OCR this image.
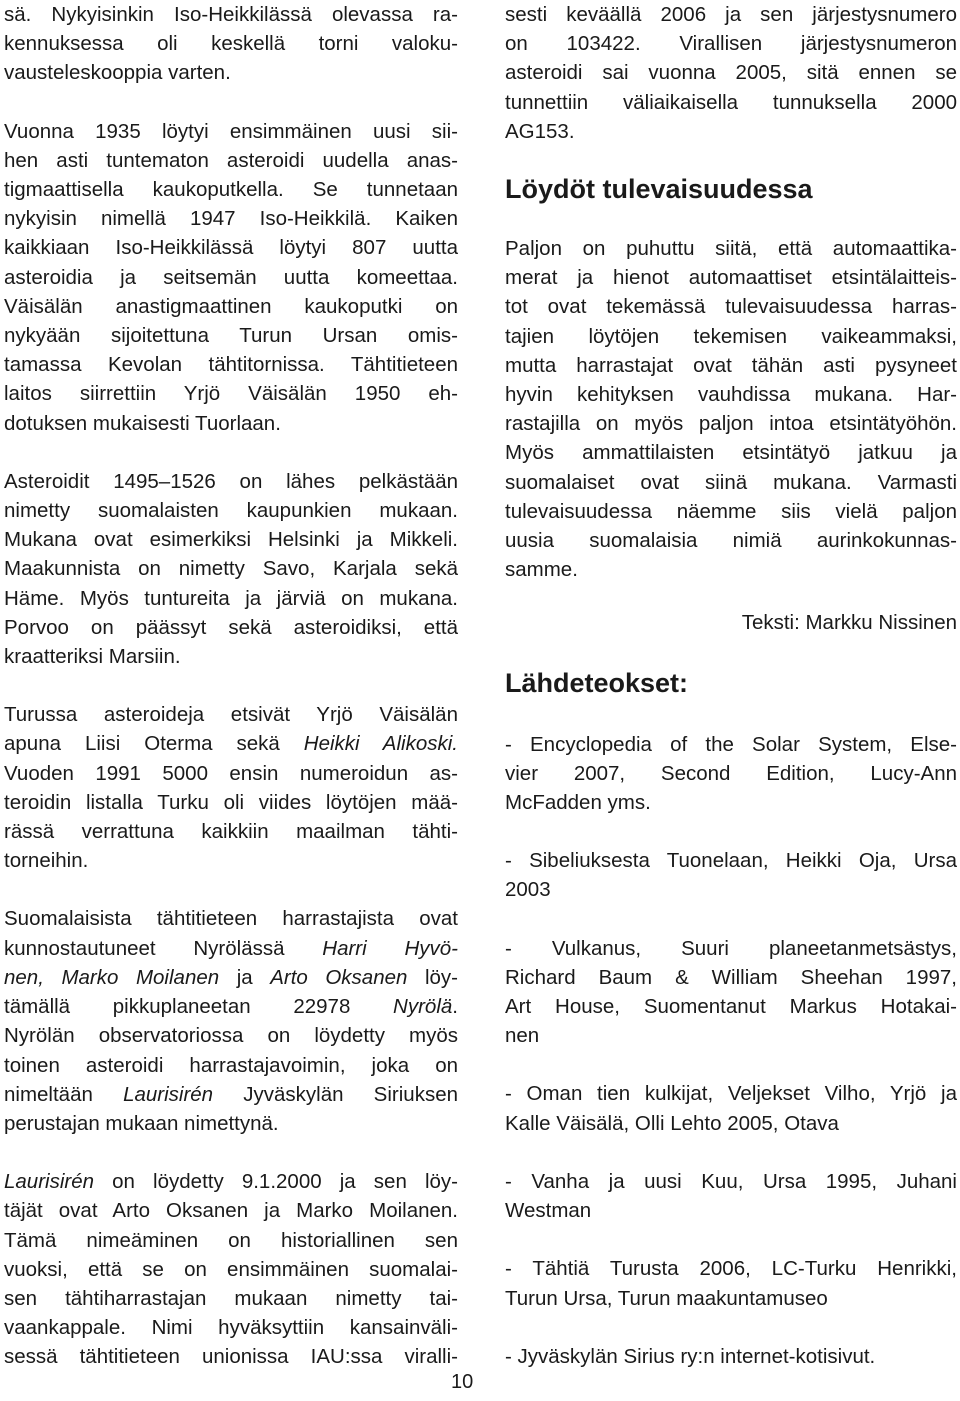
sä. Nykyisinkin Iso-Heikkilässä olevassa ra-
kennuksessa oli keskellä torni valoku-
vausteleskooppia varten.

Vuonna 1935 löytyi ensimmäinen uusi sii-
hen asti tuntematon asteroidi uudella anas-
tigmaattisella kaukoputkella. Se tunnetaan
nykyisin nimellä 1947 Iso-Heikkilä. Kaiken
kaikkiaan Iso-Heikkilässä löytyi 807 uutta
asteroidia ja seitsemän uutta komeettaa.
Väisälän anastigmaattinen kaukoputki on
nykyään sijoitettuna Turun Ursan omis-
tamassa Kevolan tähtitornissa. Tähtitieteen
laitos siirrettiin Yrjö Väisälän 1950 eh-
dotuksen mukaisesti Tuorlaan.

Asteroidit 1495–1526 on lähes pelkästään
nimetty suomalaisten kaupunkien mukaan.
Mukana ovat esimerkiksi Helsinki ja Mikkeli.
Maakunnista on nimetty Savo, Karjala sekä
Häme. Myös tuntureita ja järviä on mukana.
Porvoo on päässyt sekä asteroidiksi, että
kraatteriksi Marsiin.

Turussa asteroideja etsivät Yrjö Väisälän
apuna Liisi Oterma sekä Heikki Alikoski.
Vuoden 1991 5000 ensin numeroidun as-
teroidin listalla Turku oli viides löytöjen mää-
rässä verrattuna kaikkiin maailman tähti-
torneihin.

Suomalaisista tähtitieteen harrastajista ovat
kunnostautuneet Nyrölässä Harri Hyvö-
nen, Marko Moilanen ja Arto Oksanen löy-
tämällä pikkuplaneetan 22978 Nyrölä.
Nyrölän observatoriossa on löydetty myös
toinen asteroidi harrastajavoimin, joka on
nimeltään Laurisirén Jyväskylän Siriuksen
perustajan mukaan nimettynä.

Laurisirén on löydetty 9.1.2000 ja sen löy-
täjät ovat Arto Oksanen ja Marko Moilanen.
Tämä nimeäminen on historiallinen sen
vuoksi, että se on ensimmäinen suomalai-
sen tähtiharrastajan mukaan nimetty tai-
vaankappale. Nimi hyväksyttiin kansainväli-
sessä tähtitieteen unionissa IAU:ssa viralli-

sesti keväällä 2006 ja sen järjestysnumero
on 103422. Virallisen järjestysnumeron
asteroidi sai vuonna 2005, sitä ennen se
tunnettiin väliaikaisella tunnuksella 2000
AG153.

Löydöt tulevaisuudessa

Paljon on puhuttu siitä, että automaattika-
merat ja hienot automaattiset etsintälaitteis-
tot ovat tekemässä tulevaisuudessa harras-
tajien löytöjen tekemisen vaikeammaksi,
mutta harrastajat ovat tähän asti pysyneet
hyvin kehityksen vauhdissa mukana. Har-
rastajilla on myös paljon intoa etsintätyöhön.
Myös ammattilaisten etsintätyö jatkuu ja
suomalaiset ovat siinä mukana. Varmasti
tulevaisuudessa näemme siis vielä paljon
uusia suomalaisia nimiä aurinkokunnas-
samme.

Teksti: Markku Nissinen

Lähdeteokset:

- Encyclopedia of the Solar System, Else-
vier 2007, Second Edition, Lucy-Ann
McFadden yms.

- Sibeliuksesta Tuonelaan, Heikki Oja, Ursa
2003

- Vulkanus, Suuri planeetanmetsästys,
Richard Baum & William Sheehan 1997,
Art House, Suomentanut Markus Hotakai-
nen

- Oman tien kulkijat, Veljekset Vilho, Yrjö ja
Kalle Väisälä, Olli Lehto 2005, Otava

- Vanha ja uusi Kuu, Ursa 1995, Juhani
Westman

- Tähtiä Turusta 2006, LC-Turku Henrikki,
Turun Ursa, Turun maakuntamuseo

- Jyväskylän Sirius ry:n internet-kotisivut.

10
